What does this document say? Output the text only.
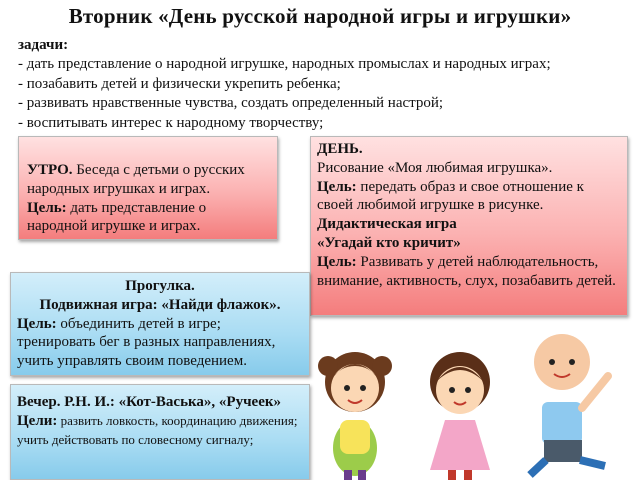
Вторник «День русской народной игры и игрушки»
задачи:
- дать представление о народной игрушке, народных промыслах и народных играх;
- позабавить детей и физически укрепить ребенка;
- развивать нравственные чувства, создать определенный настрой;
- воспитывать интерес к народному творчеству;
УТРО. Беседа с детьми о русских народных игрушках и играх.
Цель: дать представление о народной игрушке и играх.
ДЕНЬ.
Рисование «Моя любимая игрушка».
Цель: передать образ и свое отношение к своей любимой игрушке в рисунке.
Дидактическая игра
«Угадай кто кричит»
Цель: Развивать у детей наблюдательность, внимание, активность, слух, позабавить детей.
Прогулка.
Подвижная игра: «Найди флажок».
Цель: объединить детей в игре; тренировать бег в разных направлениях, учить управлять своим поведением.
Вечер. Р.Н. И.: «Кот-Васька», «Ручеек»
Цели: развить ловкость, координацию движения; учить действовать по словесному сигналу;
